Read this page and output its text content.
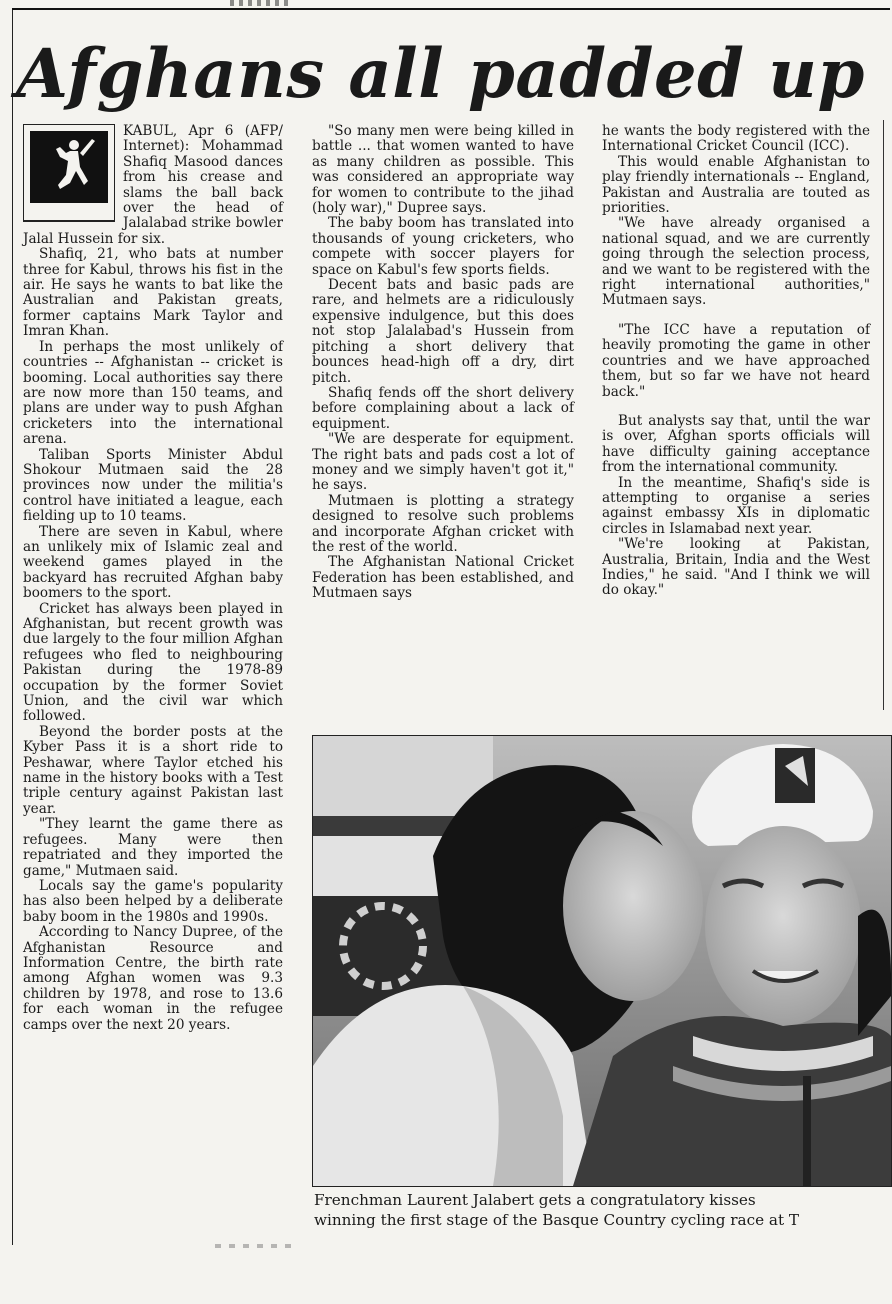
Afghans all padded up

KABUL, Apr 6 (AFP/ Internet): Mohammad Shafiq Masood dances from his crease and slams the ball back over the head of Jalalabad strike bowler Jalal Hussein for six.

Shafiq, 21, who bats at number three for Kabul, throws his fist in the air. He says he wants to bat like the Australian and Pakistan greats, former captains Mark Taylor and Imran Khan.

In perhaps the most unlikely of countries -- Afghanistan -- cricket is booming. Local authorities say there are now more than 150 teams, and plans are under way to push Afghan cricketers into the international arena.

Taliban Sports Minister Abdul Shokour Mutmaen said the 28 provinces now under the militia's control have initiated a league, each fielding up to 10 teams.

There are seven in Kabul, where an unlikely mix of Islamic zeal and weekend games played in the backyard has recruited Afghan baby boomers to the sport.

Cricket has always been played in Afghanistan, but recent growth was due largely to the four million Afghan refugees who fled to neighbouring Pakistan during the 1978-89 occupation by the former Soviet Union, and the civil war which followed.

Beyond the border posts at the Kyber Pass it is a short ride to Peshawar, where Taylor etched his name in the history books with a Test triple century against Pakistan last year.

"They learnt the game there as refugees. Many were then repatriated and they imported the game," Mutmaen said.

Locals say the game's popularity has also been helped by a deliberate baby boom in the 1980s and 1990s.

According to Nancy Dupree, of the Afghanistan Resource and Information Centre, the birth rate among Afghan women was 9.3 children by 1978, and rose to 13.6 for each woman in the refugee camps over the next 20 years.

"So many men were being killed in battle ... that women wanted to have as many children as possible. This was considered an appropriate way for women to contribute to the jihad (holy war)," Dupree says.

The baby boom has translated into thousands of young cricketers, who compete with soccer players for space on Kabul's few sports fields.

Decent bats and basic pads are rare, and helmets are a ridiculously expensive indulgence, but this does not stop Jalalabad's Hussein from pitching a short delivery that bounces head-high off a dry, dirt pitch.

Shafiq fends off the short delivery before complaining about a lack of equipment.

"We are desperate for equipment. The right bats and pads cost a lot of money and we simply haven't got it," he says.

Mutmaen is plotting a strategy designed to resolve such problems and incorporate Afghan cricket with the rest of the world.

The Afghanistan National Cricket Federation has been established, and Mutmaen says

he wants the body registered with the International Cricket Council (ICC).

This would enable Afghanistan to play friendly internationals -- England, Pakistan and Australia are touted as priorities.

"We have already organised a national squad, and we are currently going through the selection process, and we want to be registered with the right international authorities," Mutmaen says.

"The ICC have a reputation of heavily promoting the game in other countries and we have approached them, but so far we have not heard back."

But analysts say that, until the war is over, Afghan sports officials will have difficulty gaining acceptance from the international community.

In the meantime, Shafiq's side is attempting to organise a series against embassy XIs in diplomatic circles in Islamabad next year.

"We're looking at Pakistan, Australia, Britain, India and the West Indies," he said. "And I think we will do okay."

Frenchman Laurent Jalabert gets a congratulatory kisses
winning the first stage of the Basque Country cycling race at T
